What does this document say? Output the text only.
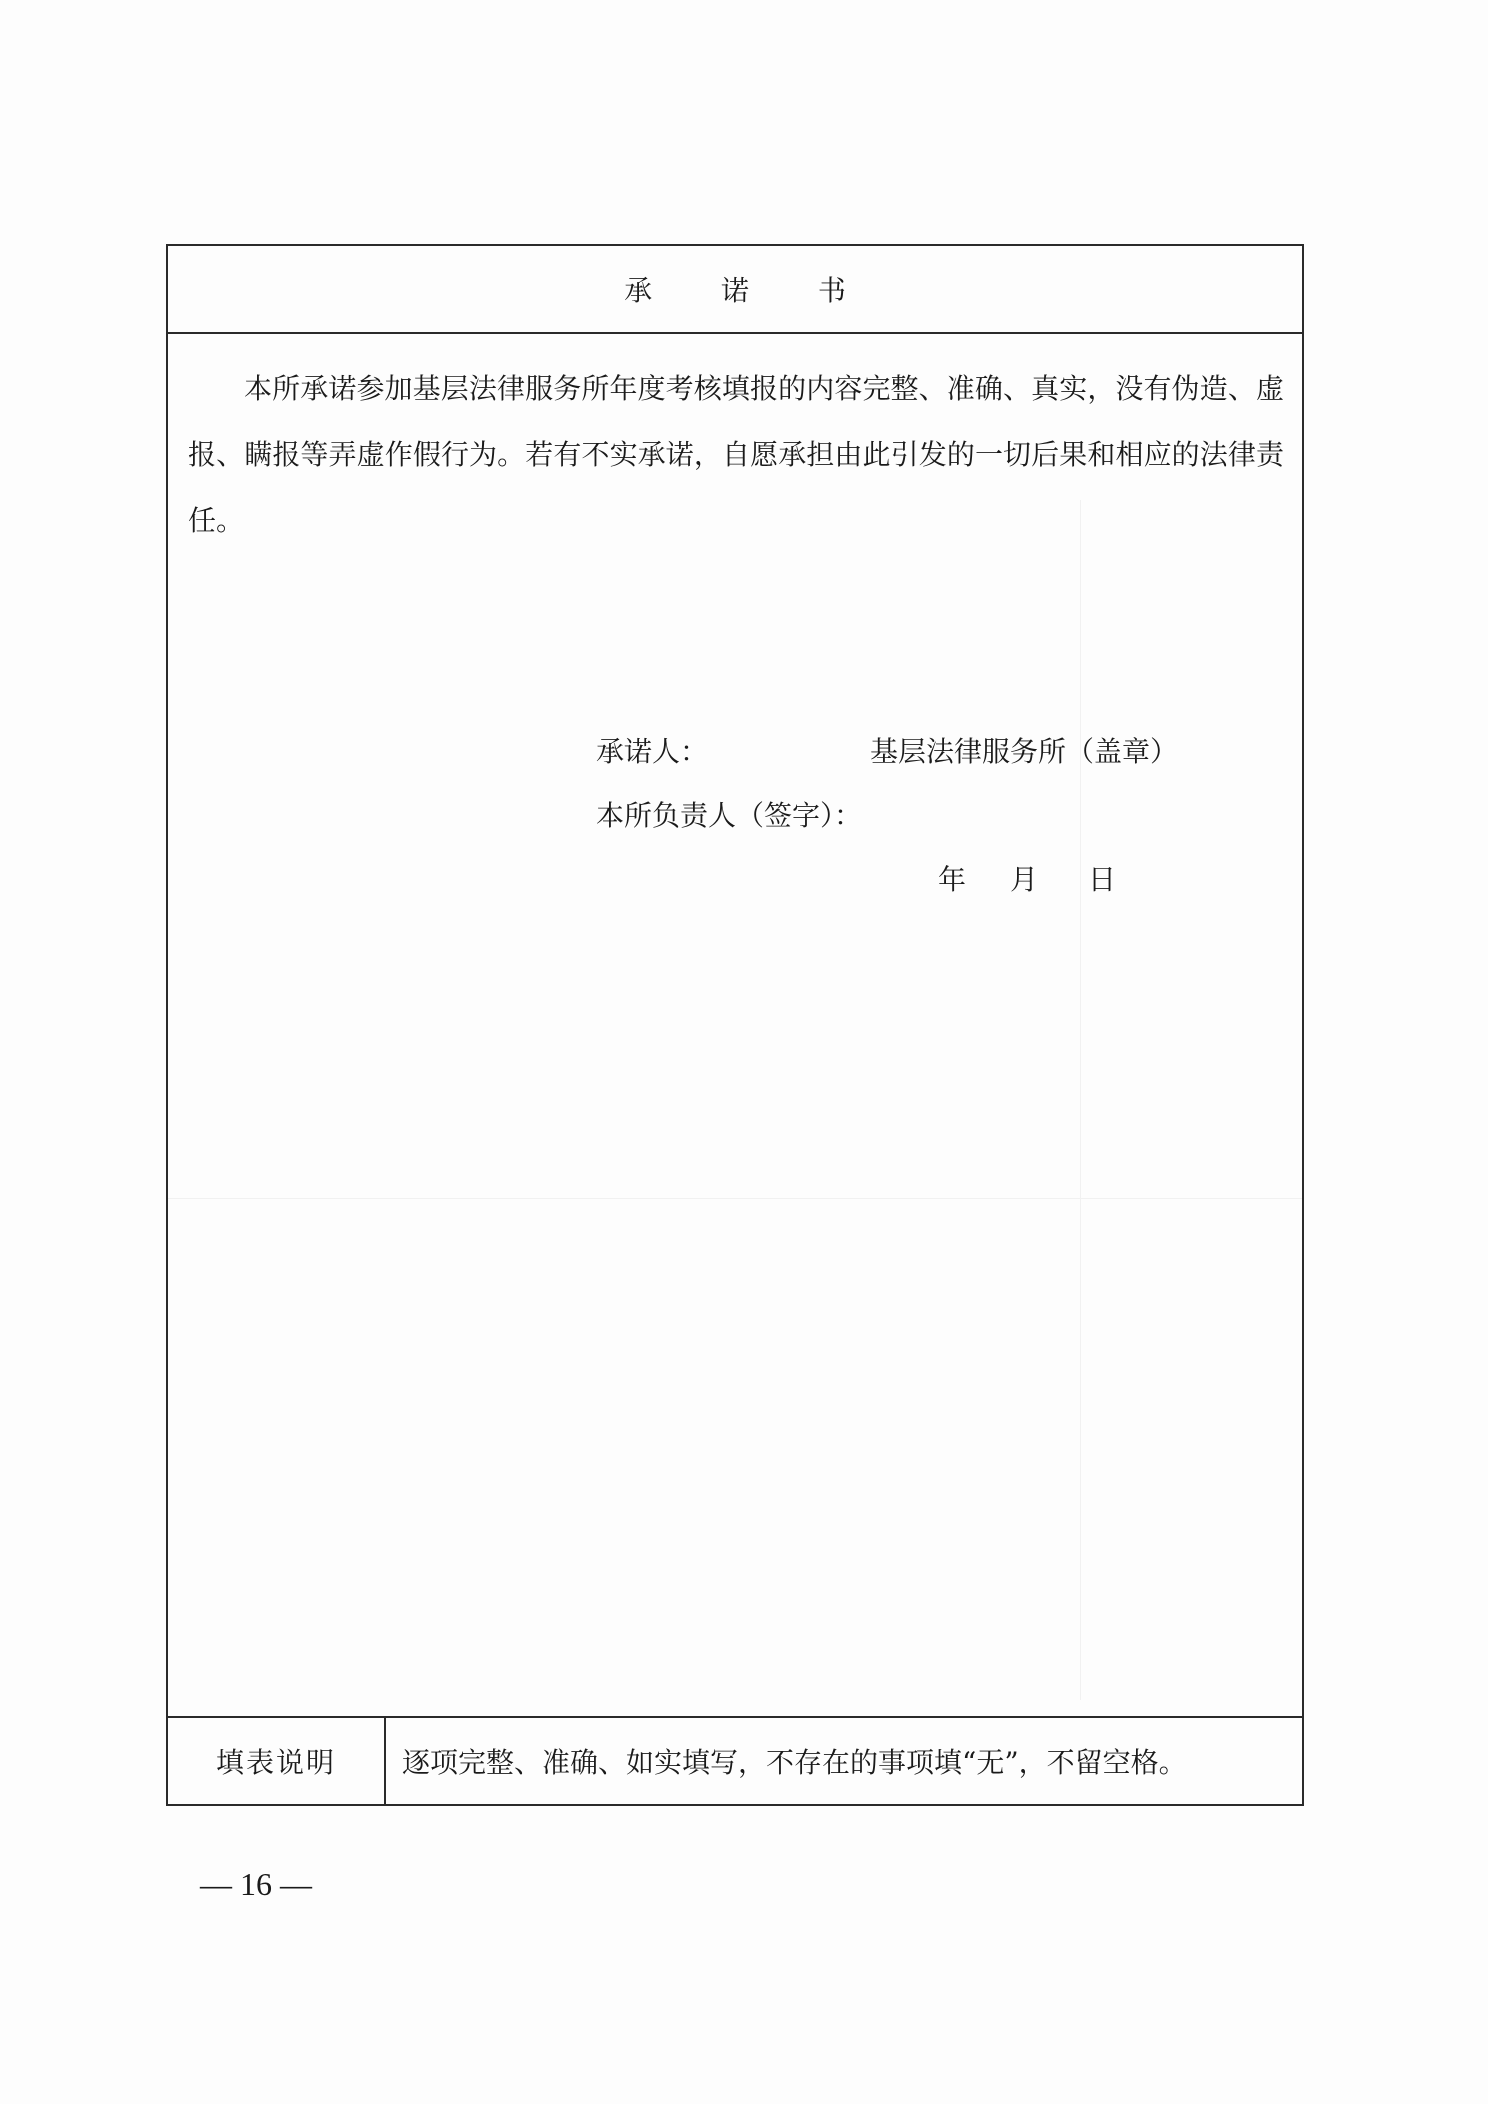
承 诺 书

本所承诺参加基层法律服务所年度考核填报的内容完整、准确、真实，没有伪造、虚报、瞒报等弄虚作假行为。若有不实承诺，自愿承担由此引发的一切后果和相应的法律责任。

承诺人：	基层法律服务所（盖章）
本所负责人（签字）：
年 月 日
填表说明	逐项完整、准确、如实填写，不存在的事项填“无”，不留空格。
— 16 —
